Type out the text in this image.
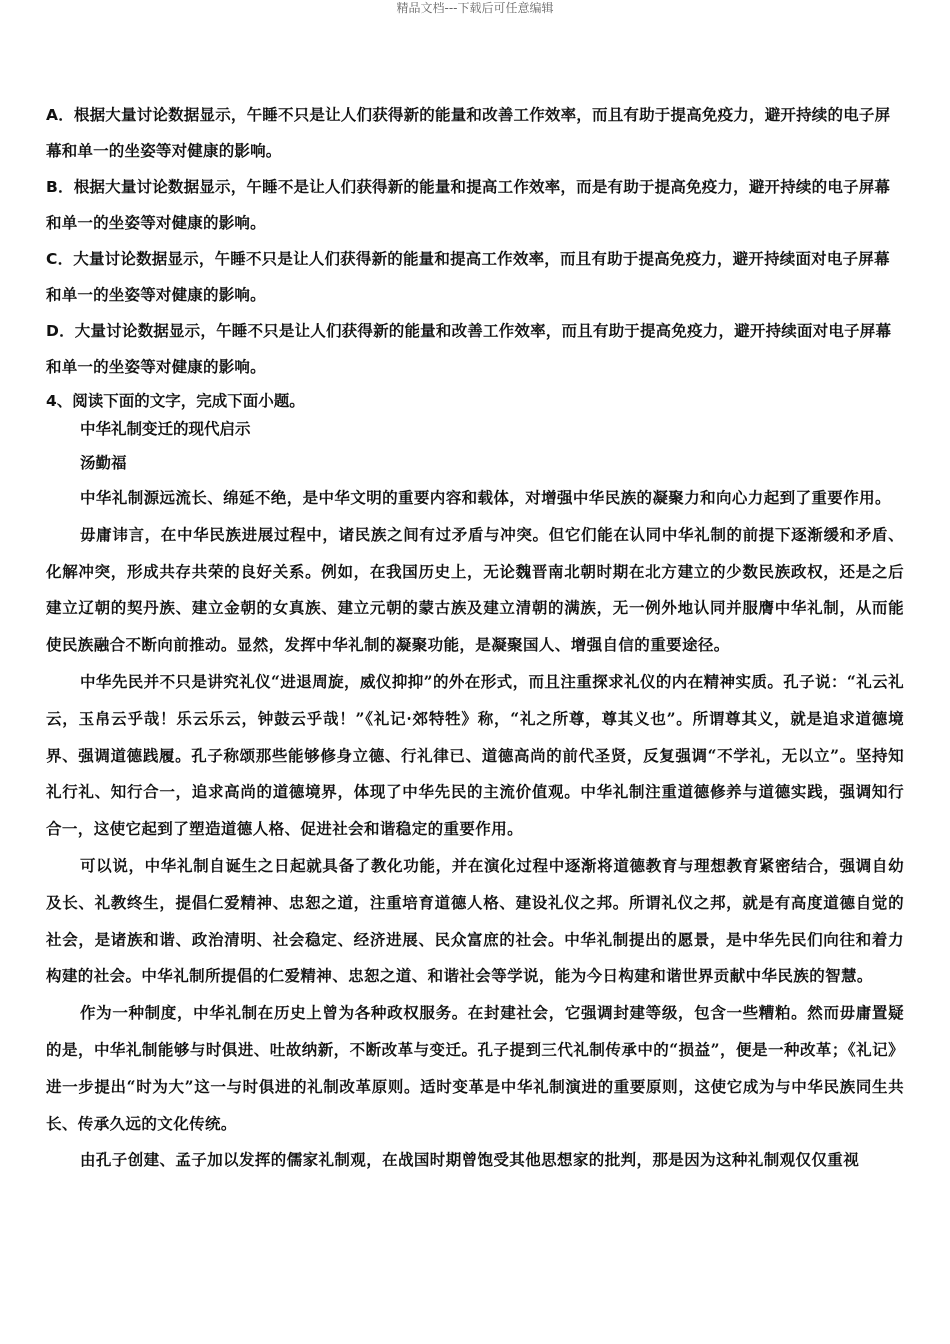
精品文档---下载后可任意编辑

A．根据大量讨论数据显示，午睡不只是让人们获得新的能量和改善工作效率，而且有助于提高免疫力，避开持续的电子屏幕和单一的坐姿等对健康的影响。

B．根据大量讨论数据显示，午睡不是让人们获得新的能量和提高工作效率，而是有助于提高免疫力，避开持续的电子屏幕和单一的坐姿等对健康的影响。

C．大量讨论数据显示，午睡不只是让人们获得新的能量和提高工作效率，而且有助于提高免疫力，避开持续面对电子屏幕和单一的坐姿等对健康的影响。

D．大量讨论数据显示，午睡不只是让人们获得新的能量和改善工作效率，而且有助于提高免疫力，避开持续面对电子屏幕和单一的坐姿等对健康的影响。

4、阅读下面的文字，完成下面小题。

中华礼制变迁的现代启示

汤勤福

中华礼制源远流长、绵延不绝，是中华文明的重要内容和载体，对增强中华民族的凝聚力和向心力起到了重要作用。

毋庸讳言，在中华民族进展过程中，诸民族之间有过矛盾与冲突。但它们能在认同中华礼制的前提下逐渐缓和矛盾、化解冲突，形成共存共荣的良好关系。例如，在我国历史上，无论魏晋南北朝时期在北方建立的少数民族政权，还是之后建立辽朝的契丹族、建立金朝的女真族、建立元朝的蒙古族及建立清朝的满族，无一例外地认同并服膺中华礼制，从而能使民族融合不断向前推动。显然，发挥中华礼制的凝聚功能，是凝聚国人、增强自信的重要途径。

中华先民并不只是讲究礼仪“进退周旋，威仪抑抑”的外在形式，而且注重探求礼仪的内在精神实质。孔子说：“礼云礼云，玉帛云乎哉！乐云乐云，钟鼓云乎哉！”《礼记·郊特牲》称，“礼之所尊，尊其义也”。所谓尊其义，就是追求道德境界、强调道德践履。孔子称颂那些能够修身立德、行礼律已、道德高尚的前代圣贤，反复强调“不学礼，无以立”。坚持知礼行礼、知行合一，追求高尚的道德境界，体现了中华先民的主流价值观。中华礼制注重道德修养与道德实践，强调知行合一，这使它起到了塑造道德人格、促进社会和谐稳定的重要作用。

可以说，中华礼制自诞生之日起就具备了教化功能，并在演化过程中逐渐将道德教育与理想教育紧密结合，强调自幼及长、礼教终生，提倡仁爱精神、忠恕之道，注重培育道德人格、建设礼仪之邦。所谓礼仪之邦，就是有高度道德自觉的社会，是诸族和谐、政治清明、社会稳定、经济进展、民众富庶的社会。中华礼制提出的愿景，是中华先民们向往和着力构建的社会。中华礼制所提倡的仁爱精神、忠恕之道、和谐社会等学说，能为今日构建和谐世界贡献中华民族的智慧。

作为一种制度，中华礼制在历史上曾为各种政权服务。在封建社会，它强调封建等级，包含一些糟粕。然而毋庸置疑的是，中华礼制能够与时俱进、吐故纳新，不断改革与变迁。孔子提到三代礼制传承中的“损益”，便是一种改革；《礼记》进一步提出“时为大”这一与时俱进的礼制改革原则。适时变革是中华礼制演进的重要原则，这使它成为与中华民族同生共长、传承久远的文化传统。

由孔子创建、孟子加以发挥的儒家礼制观，在战国时期曾饱受其他思想家的批判，那是因为这种礼制观仅仅重视
